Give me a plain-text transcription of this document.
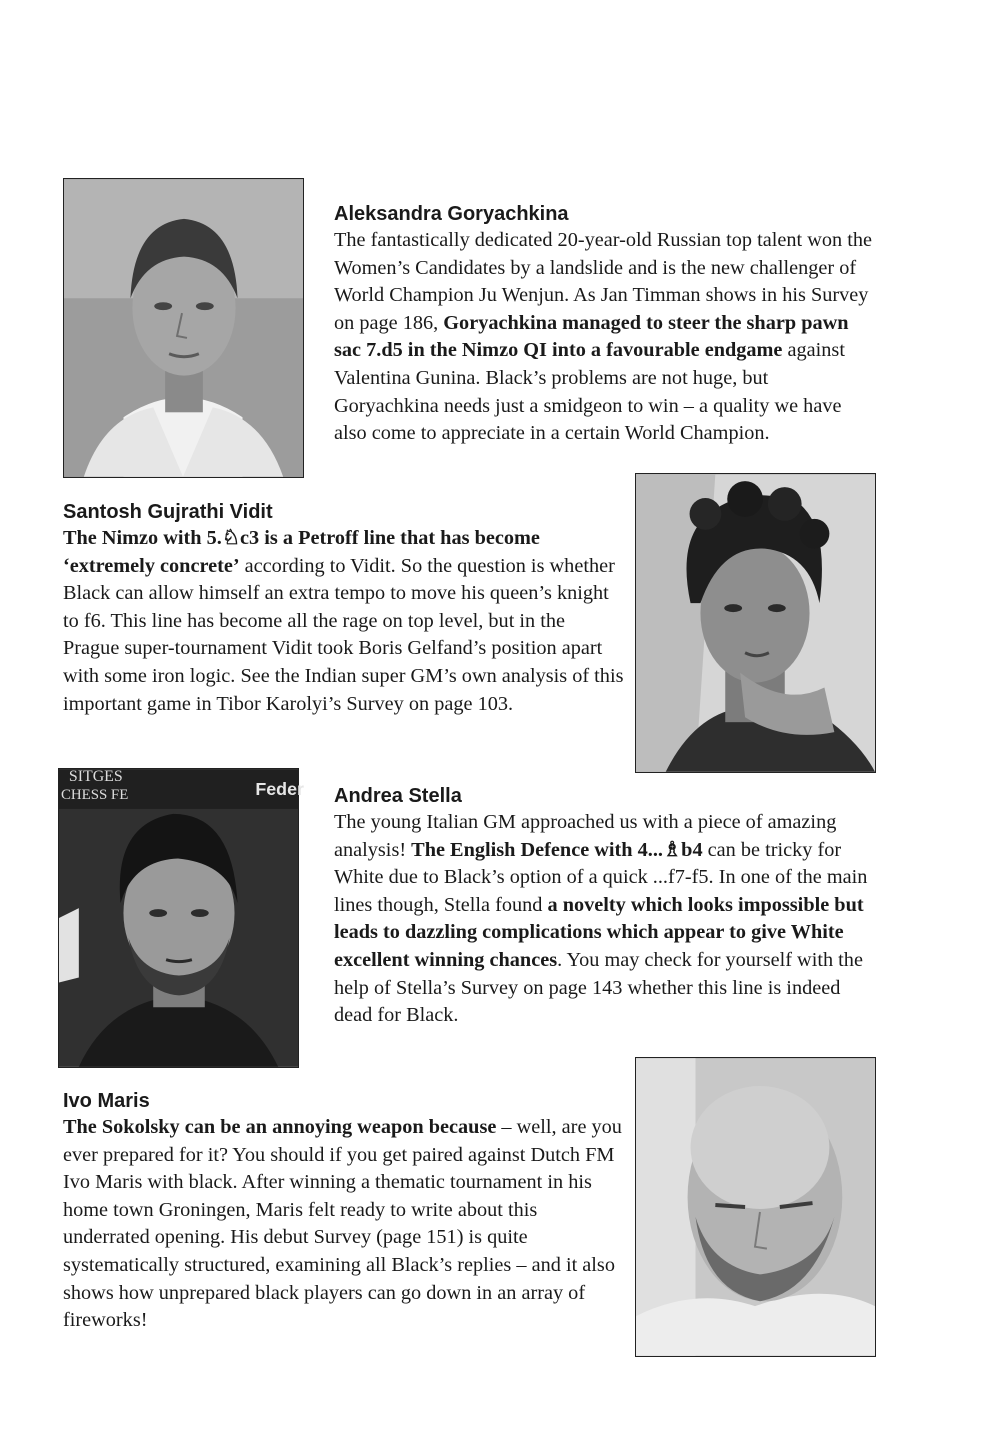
Aleksandra Goryachkina

The fantastically dedicated 20-year-old Russian top talent won the Women’s Candidates by a landslide and is the new challenger of World Champion Ju Wenjun. As Jan Timman shows in his Survey on page 186, Goryachkina managed to steer the sharp pawn sac 7.d5 in the Nimzo QI into a favourable endgame against Valentina Gunina. Black’s problems are not huge, but Goryachkina needs just a smidgeon to win – a quality we have also come to appreciate in a certain World Champion.

Santosh Gujrathi Vidit

The Nimzo with 5.♘c3 is a Petroff line that has become ‘extremely concrete’ according to Vidit. So the question is whether Black can allow himself an extra tempo to move his queen’s knight to f6. This line has become all the rage on top level, but in the Prague super-tournament Vidit took Boris Gelfand’s position apart with some iron logic. See the Indian super GM’s own analysis of this important game in Tibor Karolyi’s Survey on page 103.

SITGES
CHESS FE	Feder Andrea Stella

The young Italian GM approached us with a piece of amazing analysis! The English Defence with 4...♗b4 can be tricky for White due to Black’s option of a quick ...f7-f5. In one of the main lines though, Stella found a novelty which looks impossible but leads to dazzling complications which appear to give White excellent winning chances. You may check for yourself with the help of Stella’s Survey on page 143 whether this line is indeed dead for Black.

Ivo Maris

The Sokolsky can be an annoying weapon because – well, are you ever prepared for it? You should if you get paired against Dutch FM Ivo Maris with black. After winning a thematic tournament in his home town Groningen, Maris felt ready to write about this underrated opening. His debut Survey (page 151) is quite systematically structured, examining all Black’s replies – and it also shows how unprepared black players can go down in an array of fireworks!
